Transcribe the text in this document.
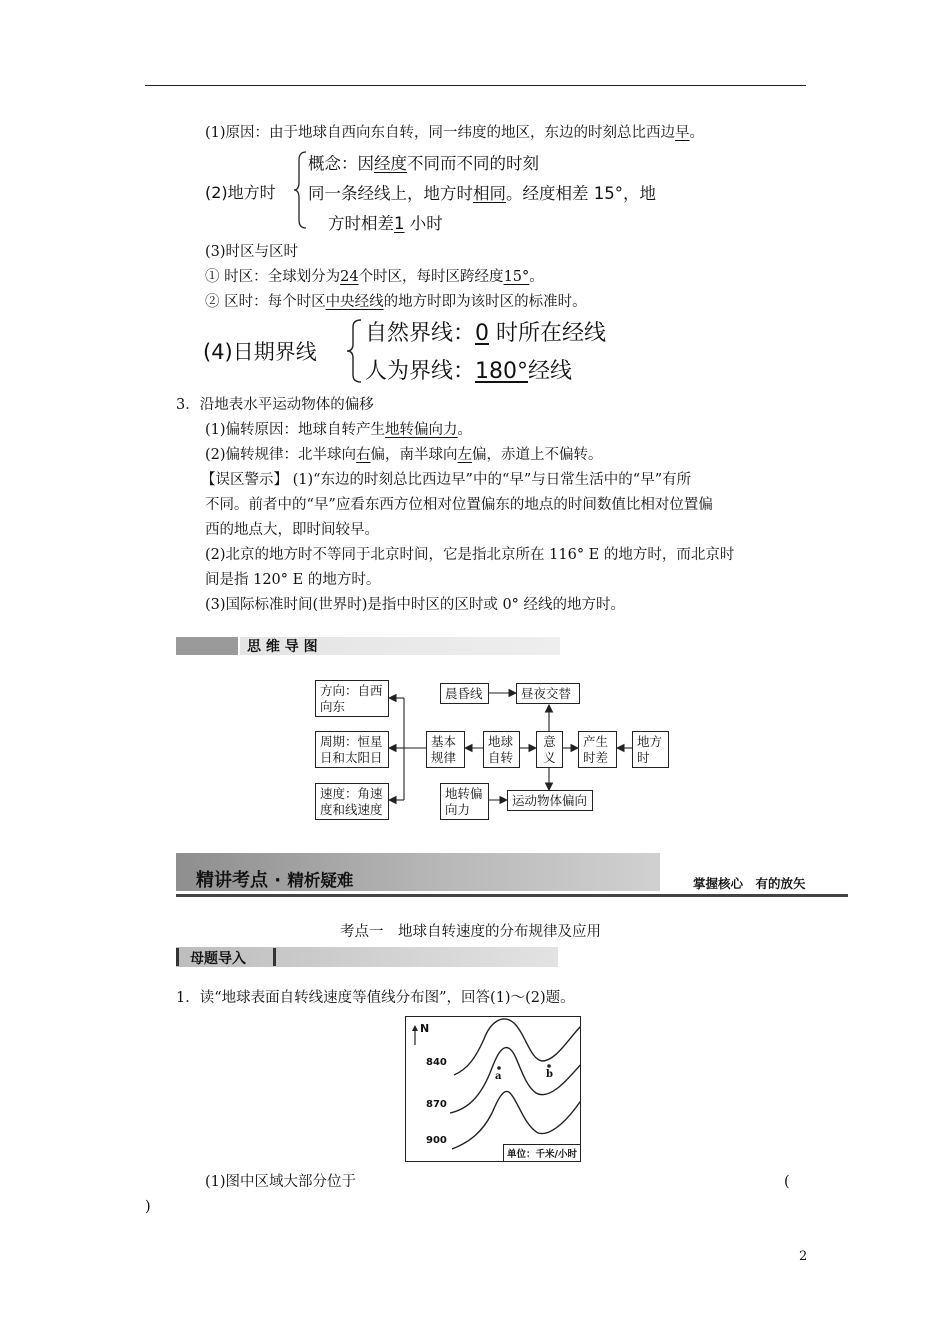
(1)原因：由于地球自西向东自转，同一纬度的地区，东边的时刻总比西边早。
(2)地方时
概念：因经度不同而不同的时刻
同一条经线上，地方时相同。经度相差 15°，地
方时相差1 小时
(3)时区与区时
① 时区：全球划分为24个时区，每时区跨经度15°。
② 区时：每个时区中央经线的地方时即为该时区的标准时。
(4)日期界线
自然界线：0 时所在经线
人为界线：180°经线
3．沿地表水平运动物体的偏移
(1)偏转原因：地球自转产生地转偏向力。
(2)偏转规律：北半球向右偏，南半球向左偏，赤道上不偏转。
【误区警示】 (1)“东边的时刻总比西边早”中的“早”与日常生活中的“早”有所
不同。前者中的“早”应看东西方位相对位置偏东的地点的时间数值比相对位置偏
西的地点大，即时间较早。
(2)北京的地方时不等同于北京时间，它是指北京所在 116° E 的地方时，而北京时
间是指 120° E 的地方时。
(3)国际标准时间(世界时)是指中时区的区时或 0° 经线的地方时。
思 维 导 图
方向：自西
向东
周期：恒星
日和太阳日
速度：角速
度和线速度
基本
规律
地球
自转
意
义
晨昏线	昼夜交替
产生
时差
地方
时
地转偏
向力
运动物体偏向
精讲考点 · 精析疑难	掌握核心　有的放矢
考点一　地球自转速度的分布规律及应用
母题导入
1．读“地球表面自转线速度等值线分布图”，回答(1)～(2)题。
N
840
870
900
a	b
单位：千米/小时
(1)图中区域大部分位于	(
)
2
